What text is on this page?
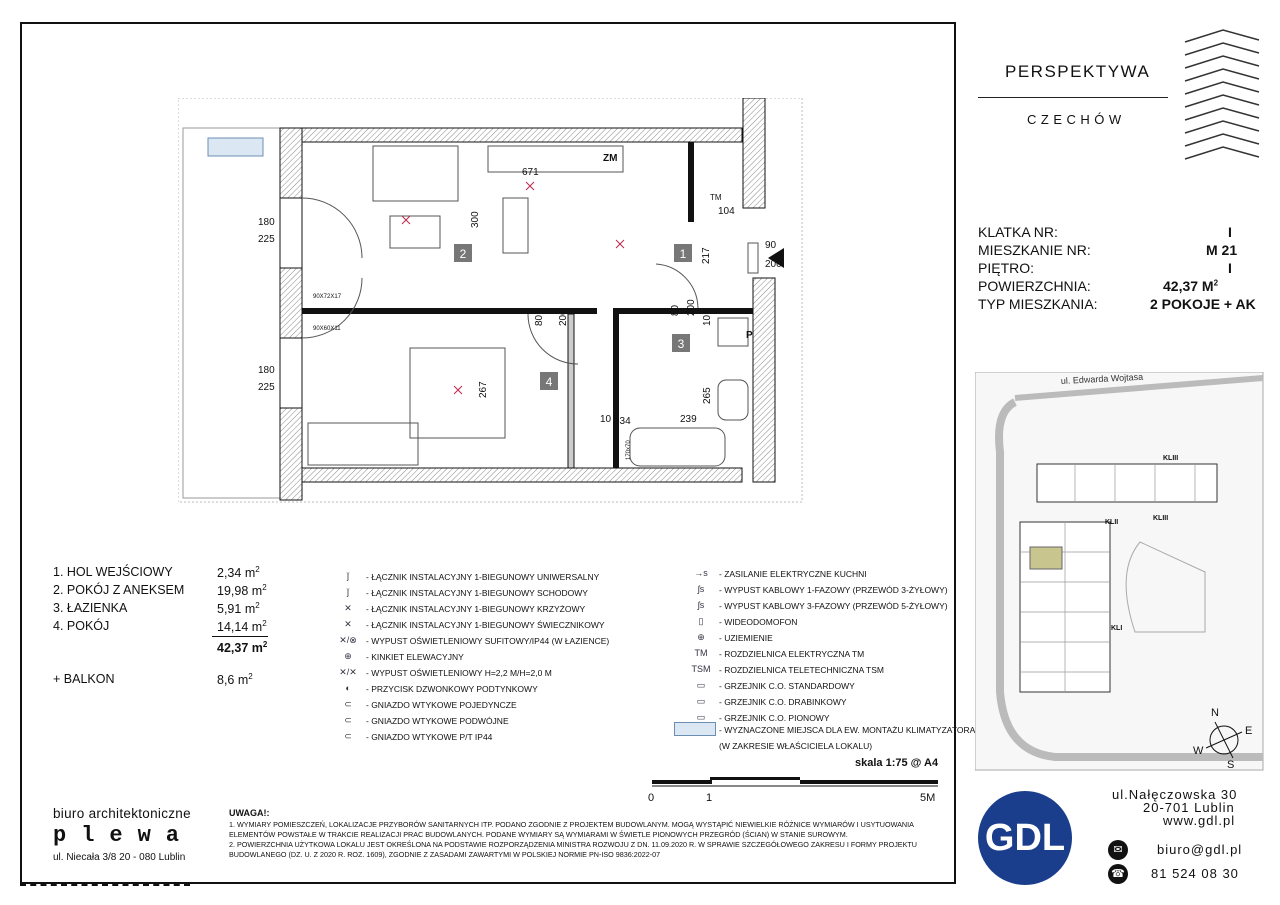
2	1
3
4
180
225
180
225
671
ZM
104
90
200
534
10	239
90X72X17
90X60X11
P
TM
300
217
80 200	80 200
10
267	265
170x70
1. HOL WEJŚCIOWY	2,34 $m^2$
2. POKÓJ Z ANEKSEM	19,98 $m^2$
3. ŁAZIENKA	5,91 $m^2$
4. POKÓJ	14,14 $m^2$
42,37 $m^2$
+ BALKON	8,6 $m^2$
ǰ	- ŁĄCZNIK INSTALACYJNY 1-BIEGUNOWY UNIWERSALNY
ǰ	- ŁĄCZNIK INSTALACYJNY 1-BIEGUNOWY SCHODOWY
✕	- ŁĄCZNIK INSTALACYJNY 1-BIEGUNOWY KRZYŻOWY
✕	- ŁĄCZNIK INSTALACYJNY 1-BIEGUNOWY ŚWIECZNIKOWY
✕/⊗ - WYPUST OŚWIETLENIOWY SUFITOWY/IP44 (W ŁAZIENCE)
⊕	- KINKIET ELEWACYJNY
✕/✕ - WYPUST OŚWIETLENIOWY H=2,2 M/H=2,0 M
◐	- PRZYCISK DZWONKOWY PODTYNKOWY
⊂	- GNIAZDO WTYKOWE POJEDYNCZE
⊂	- GNIAZDO WTYKOWE PODWÓJNE
⊂	- GNIAZDO WTYKOWE P/T IP44
→s	- ZASILANIE ELEKTRYCZNE KUCHNI
ʃs	- WYPUST KABLOWY 1-FAZOWY (PRZEWÓD 3-ŻYŁOWY)
ʃs	- WYPUST KABLOWY 3-FAZOWY (PRZEWÓD 5-ŻYŁOWY)
▯	- WIDEODOMOFON
⊕	- UZIEMIENIE
TM	- ROZDZIELNICA ELEKTRYCZNA TM
TSM - ROZDZIELNICA TELETECHNICZNA TSM
▭	- GRZEJNIK C.O. STANDARDOWY
▭	- GRZEJNIK C.O. DRABINKOWY
▭	- GRZEJNIK C.O. PIONOWY
- WYZNACZONE MIEJSCA DLA EW. MONTAŻU KLIMATYZATORA
(W ZAKRESIE WŁAŚCICIELA LOKALU)
skala 1:75 @ A4
0	1	5M
biuro architektoniczne
plewa
ul. Niecała 3/8 20 - 080 Lublin
UWAGA!:
1. WYMIARY POMIESZCZEŃ, LOKALIZACJE PRZYBORÓW SANITARNYCH ITP. PODANO ZGODNIE Z PROJEKTEM BUDOWLANYM. MOGĄ WYSTĄPIĆ NIEWIELKIE RÓŻNICE WYMIARÓW I USYTUOWANIA ELEMENTÓW POWSTAŁE W TRAKCIE REALIZACJI PRAC BUDOWLANYCH. PODANE WYMIARY SĄ WYMIARAMI W ŚWIETLE PIONOWYCH PRZEGRÓD (ŚCIAN) W STANIE SUROWYM.
2. POWIERZCHNIA UŻYTKOWA LOKALU JEST OKREŚLONA NA PODSTAWIE ROZPORZĄDZENIA MINISTRA ROZWOJU Z DN. 11.09.2020 R. W SPRAWIE SZCZEGÓŁOWEGO ZAKRESU I FORMY PROJEKTU BUDOWLANEGO (DZ. U. Z 2020 R. ROZ. 1609), ZGODNIE Z ZASADAMI ZAWARTYMI W POLSKIEJ NORMIE PN-ISO 9836:2022-07
PERSPEKTYWA
CZECHÓW
KLATKA NR:	I
MIESZKANIE NR:	M 21
PIĘTRO:	I
POWIERZCHNIA:	42,37 $M^2$
TYP MIESZKANIA:	2 POKOJE + AK
ul. Edwarda Wojtasa
KLIII
KLII
KLIII
KLI
N
E
S
W
GDL
ul.Nałęczowska 30
20-701 Lublin
www.gdl.pl
✉	biuro@gdl.pl
☎ 81 524 08 30
